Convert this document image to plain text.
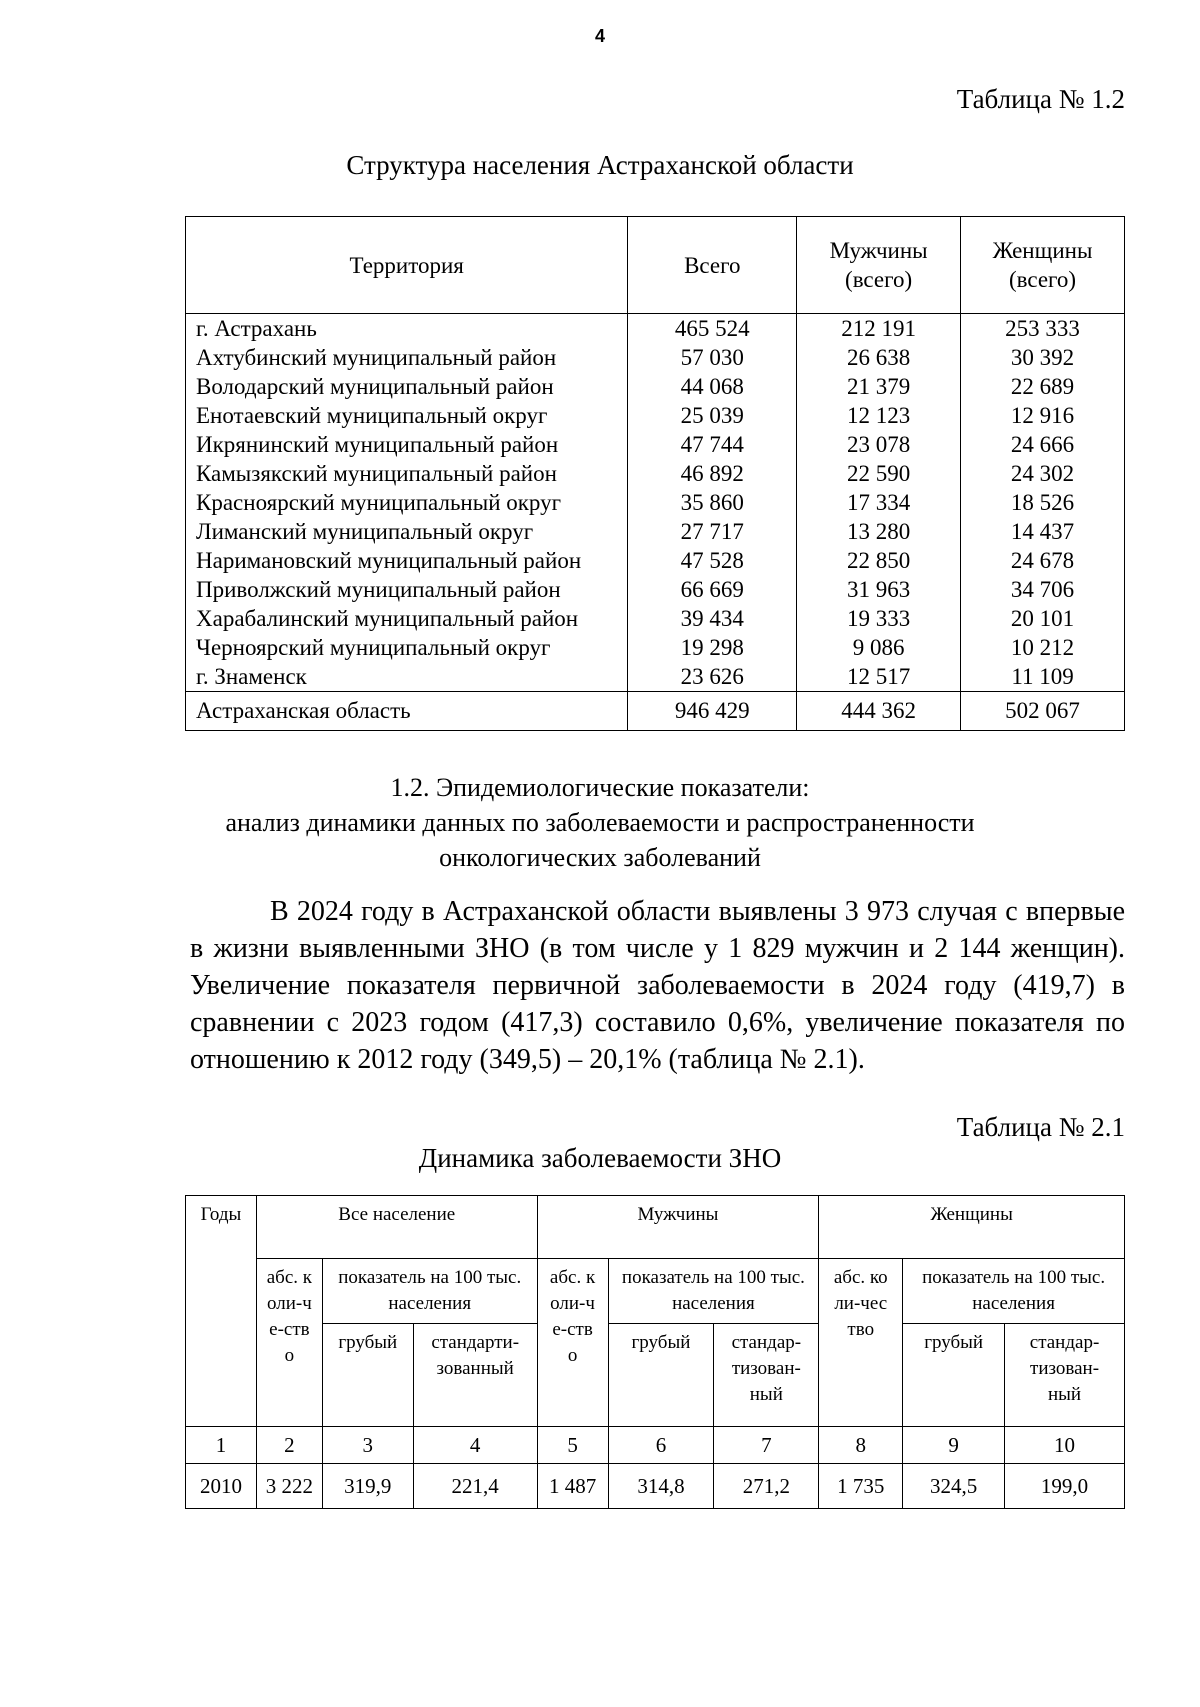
4
Таблица № 1.2
Структура населения Астраханской области
Территория	Всего	Мужчины (всего)	Женщины (всего)
г. Астрахань	465 524	212 191	253 333
Ахтубинский муниципальный район	57 030	26 638	30 392
Володарский муниципальный район	44 068	21 379	22 689
Енотаевский муниципальный округ	25 039	12 123	12 916
Икрянинский муниципальный район	47 744	23 078	24 666
Камызякский муниципальный район	46 892	22 590	24 302
Красноярский муниципальный округ	35 860	17 334	18 526
Лиманский муниципальный округ	27 717	13 280	14 437
Наримановский муниципальный район	47 528	22 850	24 678
Приволжский муниципальный район	66 669	31 963	34 706
Харабалинский муниципальный район	39 434	19 333	20 101
Черноярский муниципальный округ	19 298	9 086	10 212
г. Знаменск	23 626	12 517	11 109
Астраханская область	946 429	444 362	502 067
1.2. Эпидемиологические показатели:
анализ динамики данных по заболеваемости и распространенности
онкологических заболеваний

В 2024 году в Астраханской области выявлены 3 973 случая с впервые в жизни выявленными ЗНО (в том числе у 1 829 мужчин и 2 144 женщин). Увеличение показателя первичной заболеваемости в 2024 году (419,7) в сравнении с 2023 годом (417,3) составило 0,6%, увеличение показателя по отношению к 2012 году (349,5) – 20,1% (таблица № 2.1).

Таблица № 2.1
Динамика заболеваемости ЗНО
Годы	Все население			Мужчины			Женщины		
	абс. коли-че-ство	показатель на 100 тыс. населения		абс. коли-че-ство	показатель на 100 тыс. населения		абс. коли-чество	показатель на 100 тыс. населения	
		грубый	стандарти-зованный		грубый	стандар-тизован-ный		грубый	стандар-тизован-ный
1	2	3	4	5	6	7	8	9	10
2010	3 222	319,9	221,4	1 487	314,8	271,2	1 735	324,5	199,0
